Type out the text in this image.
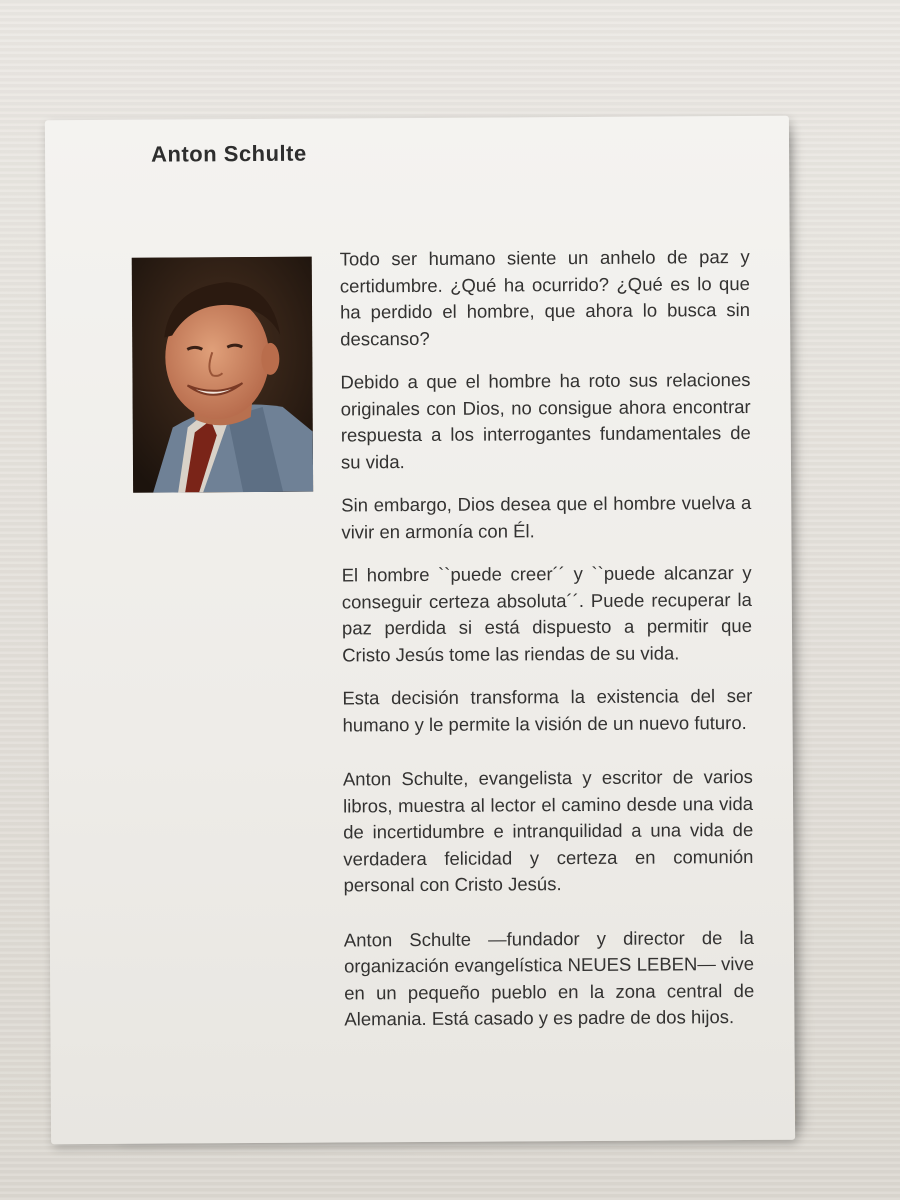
Anton Schulte

Todo ser humano siente un anhelo de paz y certidumbre. ¿Qué ha ocurrido? ¿Qué es lo que ha perdido el hombre, que ahora lo busca sin descanso?

Debido a que el hombre ha roto sus relaciones originales con Dios, no consigue ahora encontrar respuesta a los interrogantes fundamentales de su vida.

Sin embargo, Dios desea que el hombre vuelva a vivir en armonía con Él.

El hombre ``puede creer´´ y ``puede alcanzar y conseguir certeza absoluta´´. Puede recuperar la paz perdida si está dispuesto a permitir que Cristo Jesús tome las riendas de su vida.

Esta decisión transforma la existencia del ser humano y le permite la visión de un nuevo futuro.

Anton Schulte, evangelista y escritor de varios libros, muestra al lector el camino desde una vida de incertidumbre e intranquilidad a una vida de verdadera felicidad y certeza en comunión personal con Cristo Jesús.

Anton Schulte —fundador y director de la organización evangelística NEUES LEBEN— vive en un pequeño pueblo en la zona central de Alemania. Está casado y es padre de dos hijos.
